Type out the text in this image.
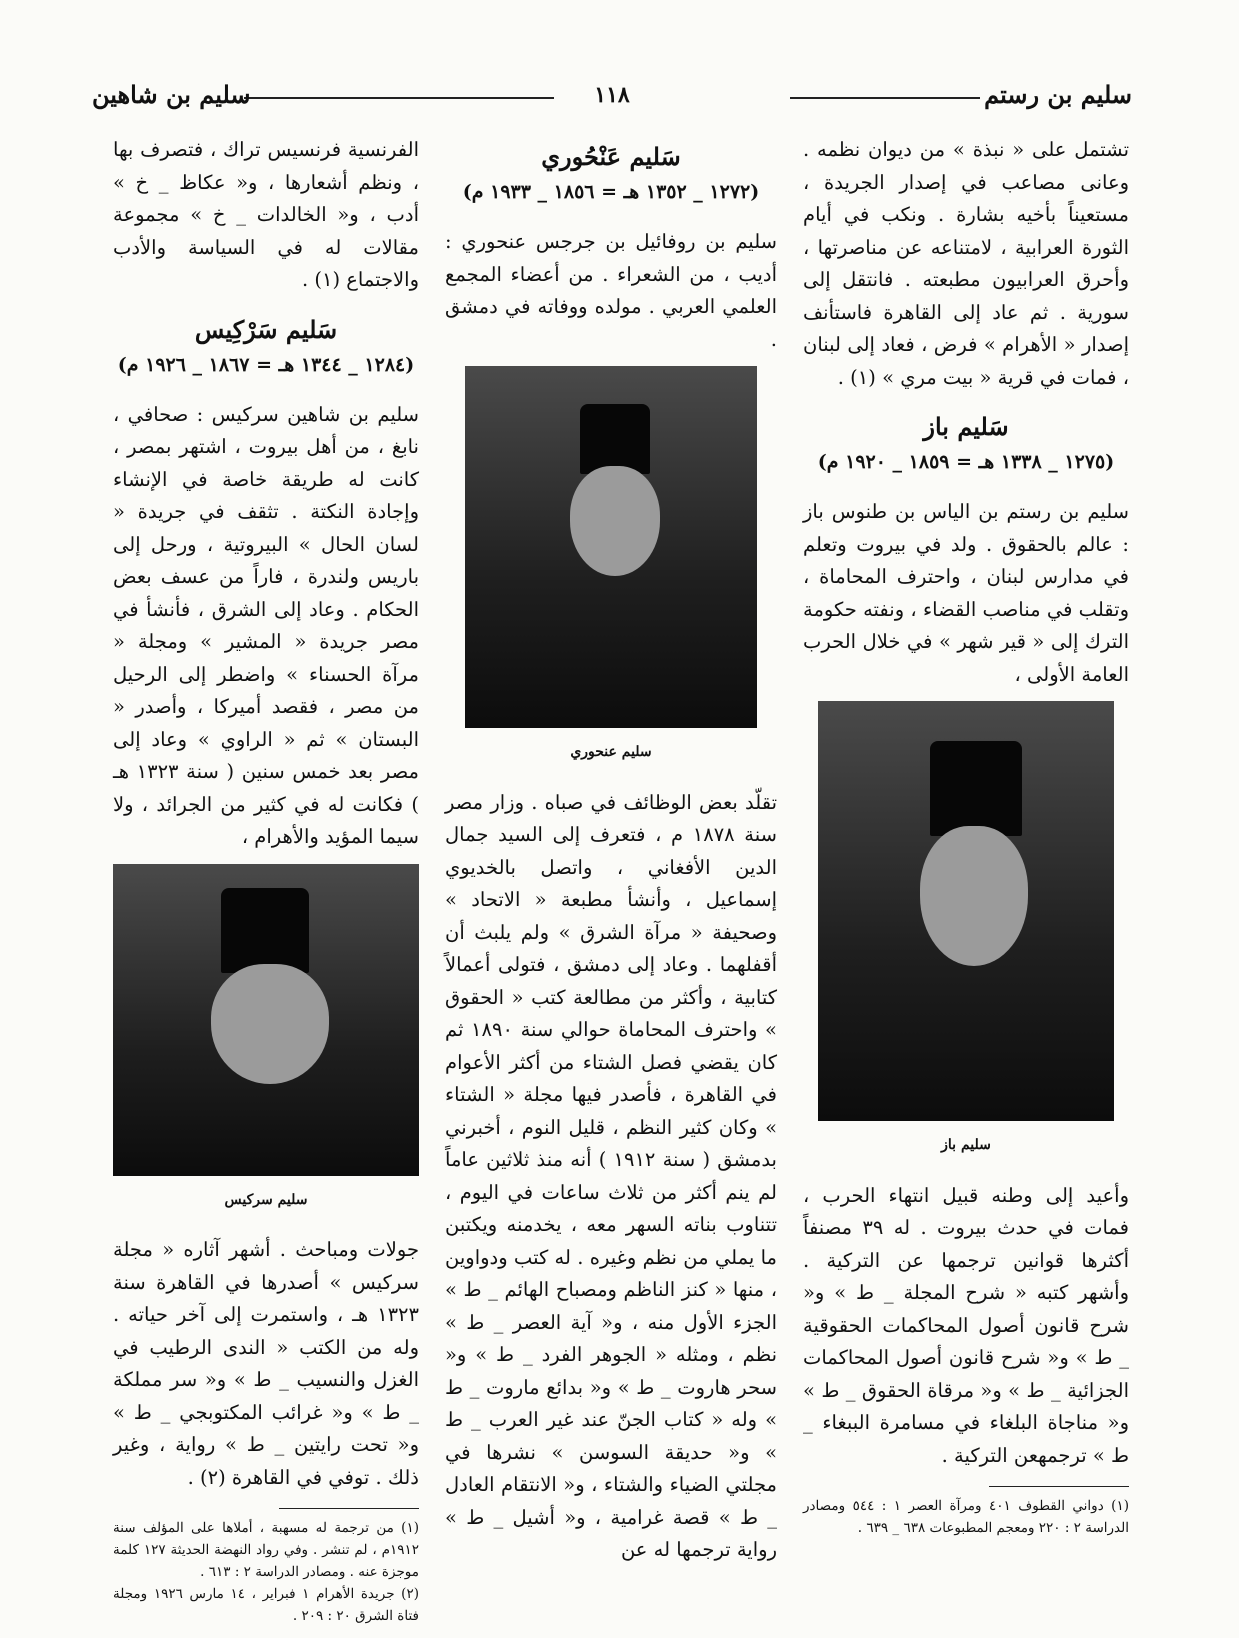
سليم بن رستم
١١٨
سليم بن شاهين

تشتمل على « نبذة » من ديوان نظمه . وعانى مصاعب في إصدار الجريدة ، مستعيناً بأخيه بشارة . ونكب في أيام الثورة العرابية ، لامتناعه عن مناصرتها ، وأحرق العرابيون مطبعته . فانتقل إلى سورية . ثم عاد إلى القاهرة فاستأنف إصدار « الأهرام » فرض ، فعاد إلى لبنان ، فمات في قرية « بيت مري » (١) .

سَليم باز
(١٢٧٥ _ ١٣٣٨ هـ = ١٨٥٩ _ ١٩٢٠ م)

سليم بن رستم بن الياس بن طنوس باز : عالم بالحقوق . ولد في بيروت وتعلم في مدارس لبنان ، واحترف المحاماة ، وتقلب في مناصب القضاء ، ونفته حكومة الترك إلى « قير شهر » في خلال الحرب العامة الأولى ،

سليم باز

وأعيد إلى وطنه قبيل انتهاء الحرب ، فمات في حدث بيروت . له ٣٩ مصنفاً أكثرها قوانين ترجمها عن التركية . وأشهر كتبه « شرح المجلة _ ط » و« شرح قانون أصول المحاكمات الحقوقية _ ط » و« شرح قانون أصول المحاكمات الجزائية _ ط » و« مرقاة الحقوق _ ط » و« مناجاة البلغاء في مسامرة الببغاء _ ط » ترجمهعن التركية .

(١) دواني القطوف ٤٠١ ومرآة العصر ١ : ٥٤٤ ومصادر الدراسة ٢ : ٢٢٠ ومعجم المطبوعات ٦٣٨ _ ٦٣٩ .
سَليم عَنْحُوري
(١٢٧٢ _ ١٣٥٢ هـ = ١٨٥٦ _ ١٩٣٣ م)

سليم بن روفائيل بن جرجس عنحوري : أديب ، من الشعراء . من أعضاء المجمع العلمي العربي . مولده ووفاته في دمشق .

سليم عنحوري

تقلّد بعض الوظائف في صباه . وزار مصر سنة ١٨٧٨ م ، فتعرف إلى السيد جمال الدين الأفغاني ، واتصل بالخديوي إسماعيل ، وأنشأ مطبعة « الاتحاد » وصحيفة « مرآة الشرق » ولم يلبث أن أقفلهما . وعاد إلى دمشق ، فتولى أعمالاً كتابية ، وأكثر من مطالعة كتب « الحقوق » واحترف المحاماة حوالي سنة ١٨٩٠ ثم كان يقضي فصل الشتاء من أكثر الأعوام في القاهرة ، فأصدر فيها مجلة « الشتاء » وكان كثير النظم ، قليل النوم ، أخبرني بدمشق ( سنة ١٩١٢ ) أنه منذ ثلاثين عاماً لم ينم أكثر من ثلاث ساعات في اليوم ، تتناوب بناته السهر معه ، يخدمنه ويكتبن ما يملي من نظم وغيره . له كتب ودواوين ، منها « كنز الناظم ومصباح الهائم _ ط » الجزء الأول منه ، و« آية العصر _ ط » نظم ، ومثله « الجوهر الفرد _ ط » و« سحر هاروت _ ط » و« بدائع ماروت _ ط » وله « كتاب الجنّ عند غير العرب _ ط » و« حديقة السوسن » نشرها في مجلتي الضياء والشتاء ، و« الانتقام العادل _ ط » قصة غرامية ، و« أشيل _ ط » رواية ترجمها له عن

الفرنسية فرنسيس تراك ، فتصرف بها ، ونظم أشعارها ، و« عكاظ _ خ » أدب ، و« الخالدات _ خ » مجموعة مقالات له في السياسة والأدب والاجتماع (١) .

سَليم سَرْكِيس
(١٢٨٤ _ ١٣٤٤ هـ = ١٨٦٧ _ ١٩٢٦ م)

سليم بن شاهين سركيس : صحافي ، نابغ ، من أهل بيروت ، اشتهر بمصر ، كانت له طريقة خاصة في الإنشاء وإجادة النكتة . تثقف في جريدة « لسان الحال » البيروتية ، ورحل إلى باريس ولندرة ، فاراً من عسف بعض الحكام . وعاد إلى الشرق ، فأنشأ في مصر جريدة « المشير » ومجلة « مرآة الحسناء » واضطر إلى الرحيل من مصر ، فقصد أميركا ، وأصدر « البستان » ثم « الراوي » وعاد إلى مصر بعد خمس سنين ( سنة ١٣٢٣ هـ ) فكانت له في كثير من الجرائد ، ولا سيما المؤيد والأهرام ،

سليم سركيس

جولات ومباحث . أشهر آثاره « مجلة سركيس » أصدرها في القاهرة سنة ١٣٢٣ هـ ، واستمرت إلى آخر حياته . وله من الكتب « الندى الرطيب في الغزل والنسيب _ ط » و« سر مملكة _ ط » و« غرائب المكتوبجي _ ط » و« تحت رايتين _ ط » رواية ، وغير ذلك . توفي في القاهرة (٢) .

(١) من ترجمة له مسهبة ، أملاها على المؤلف سنة ١٩١٢م ، لم تنشر . وفي رواد النهضة الحديثة ١٢٧ كلمة موجزة عنه . ومصادر الدراسة ٢ : ٦١٣ .
(٢) جريدة الأهرام ١ فبراير ، ١٤ مارس ١٩٢٦ ومجلة فتاة الشرق ٢٠ : ٢٠٩ .
